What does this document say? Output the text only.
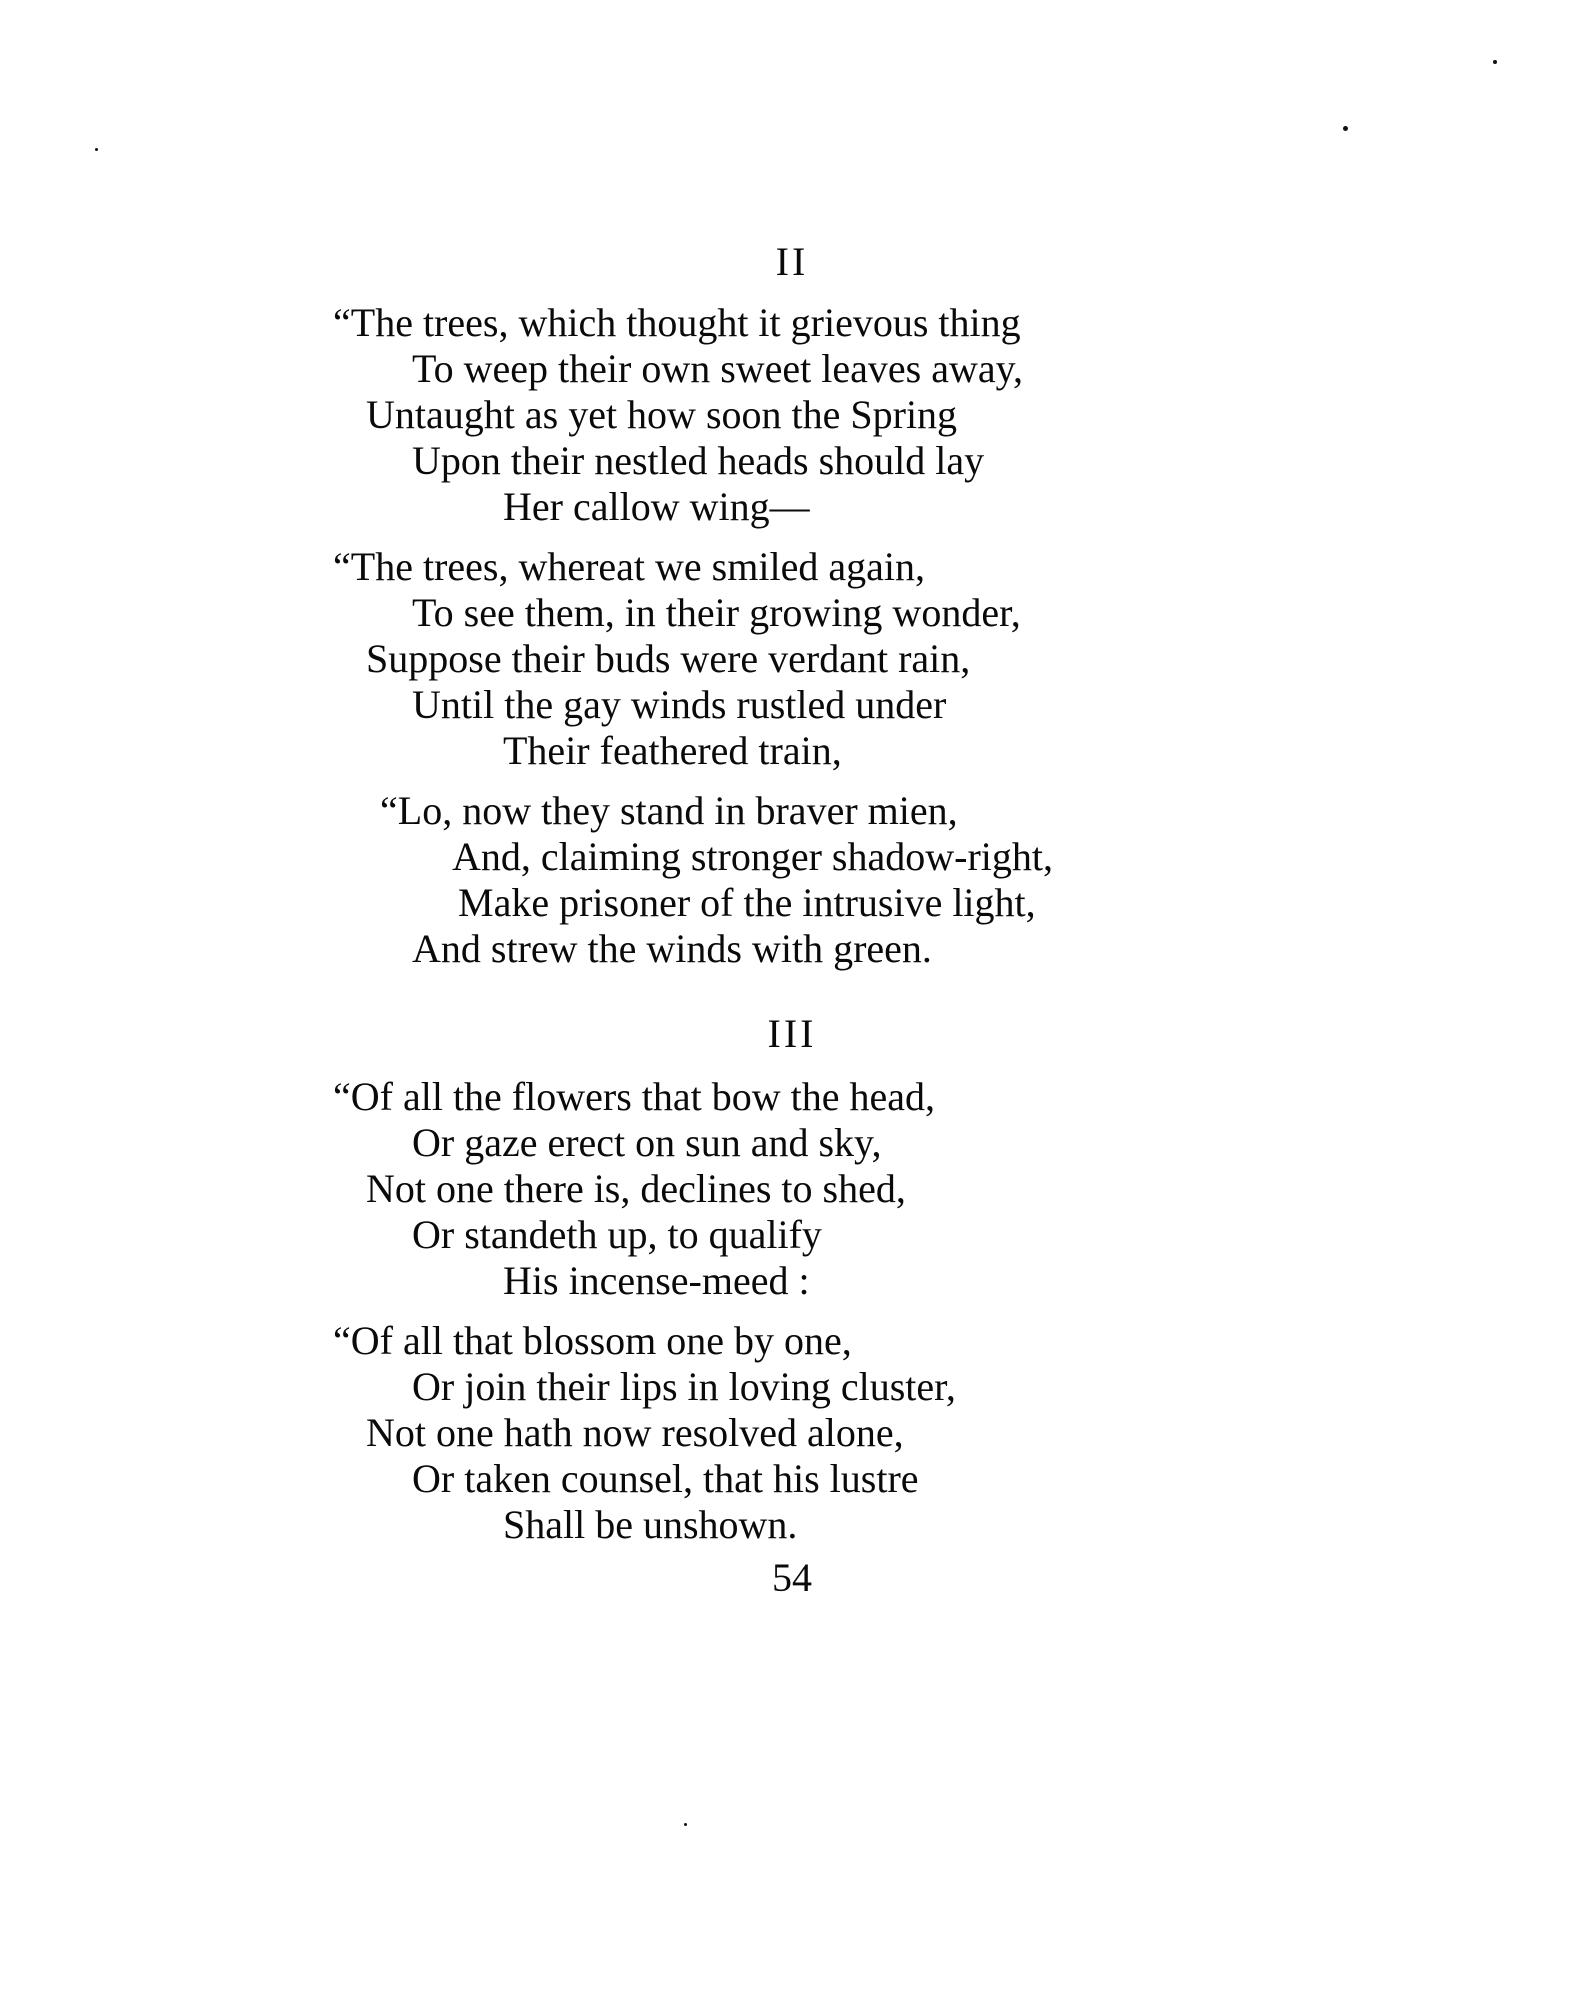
II
“The trees, which thought it grievous thing
To weep their own sweet leaves away,
Untaught as yet how soon the Spring
Upon their nestled heads should lay
Her callow wing—
“The trees, whereat we smiled again,
To see them, in their growing wonder,
Suppose their buds were verdant rain,
Until the gay winds rustled under
Their feathered train,
“Lo, now they stand in braver mien,
And, claiming stronger shadow-right,
Make prisoner of the intrusive light,
And strew the winds with green.
III
“Of all the flowers that bow the head,
Or gaze erect on sun and sky,
Not one there is, declines to shed,
Or standeth up, to qualify
His incense-meed :
“Of all that blossom one by one,
Or join their lips in loving cluster,
Not one hath now resolved alone,
Or taken counsel, that his lustre
Shall be unshown.
54
